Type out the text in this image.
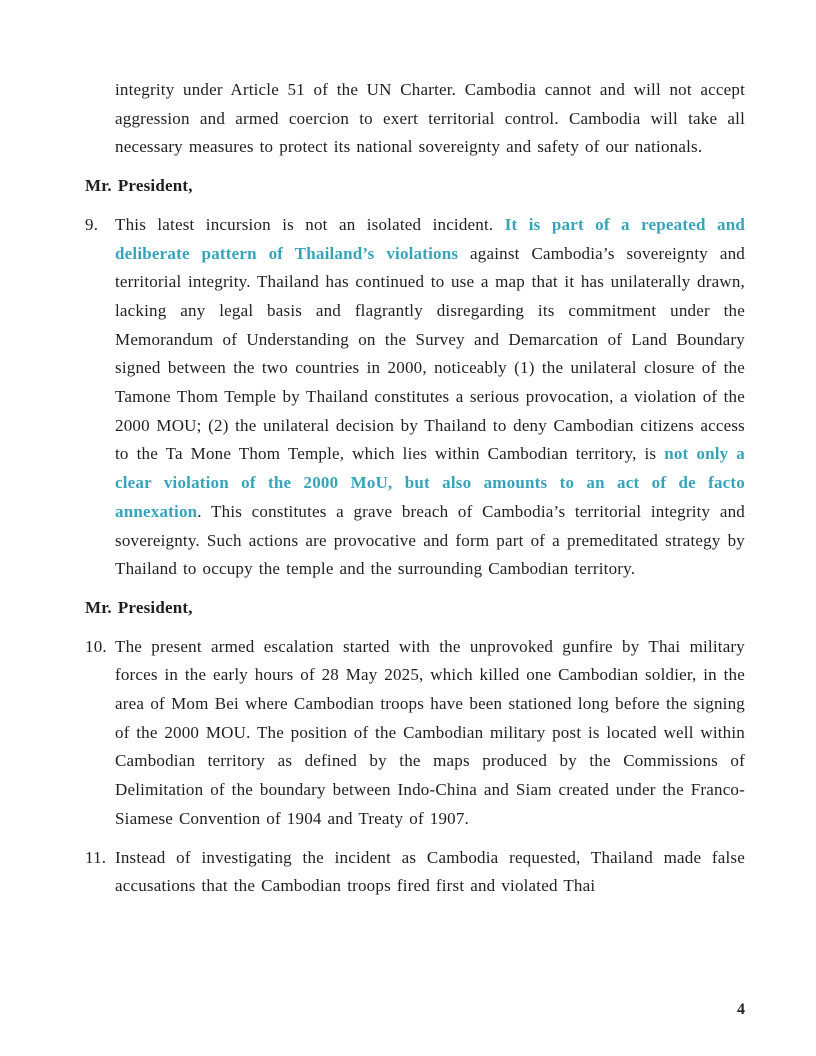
integrity under Article 51 of the UN Charter. Cambodia cannot and will not accept aggression and armed coercion to exert territorial control. Cambodia will take all necessary measures to protect its national sovereignty and safety of our nationals.

Mr. President,

9. This latest incursion is not an isolated incident. It is part of a repeated and deliberate pattern of Thailand’s violations against Cambodia’s sovereignty and territorial integrity. Thailand has continued to use a map that it has unilaterally drawn, lacking any legal basis and flagrantly disregarding its commitment under the Memorandum of Understanding on the Survey and Demarcation of Land Boundary signed between the two countries in 2000, noticeably (1) the unilateral closure of the Tamone Thom Temple by Thailand constitutes a serious provocation, a violation of the 2000 MOU; (2) the unilateral decision by Thailand to deny Cambodian citizens access to the Ta Mone Thom Temple, which lies within Cambodian territory, is not only a clear violation of the 2000 MoU, but also amounts to an act of de facto annexation. This constitutes a grave breach of Cambodia’s territorial integrity and sovereignty. Such actions are provocative and form part of a premeditated strategy by Thailand to occupy the temple and the surrounding Cambodian territory.

Mr. President,

10. The present armed escalation started with the unprovoked gunfire by Thai military forces in the early hours of 28 May 2025, which killed one Cambodian soldier, in the area of Mom Bei where Cambodian troops have been stationed long before the signing of the 2000 MOU. The position of the Cambodian military post is located well within Cambodian territory as defined by the maps produced by the Commissions of Delimitation of the boundary between Indo-China and Siam created under the Franco-Siamese Convention of 1904 and Treaty of 1907.

11. Instead of investigating the incident as Cambodia requested, Thailand made false accusations that the Cambodian troops fired first and violated Thai

4
